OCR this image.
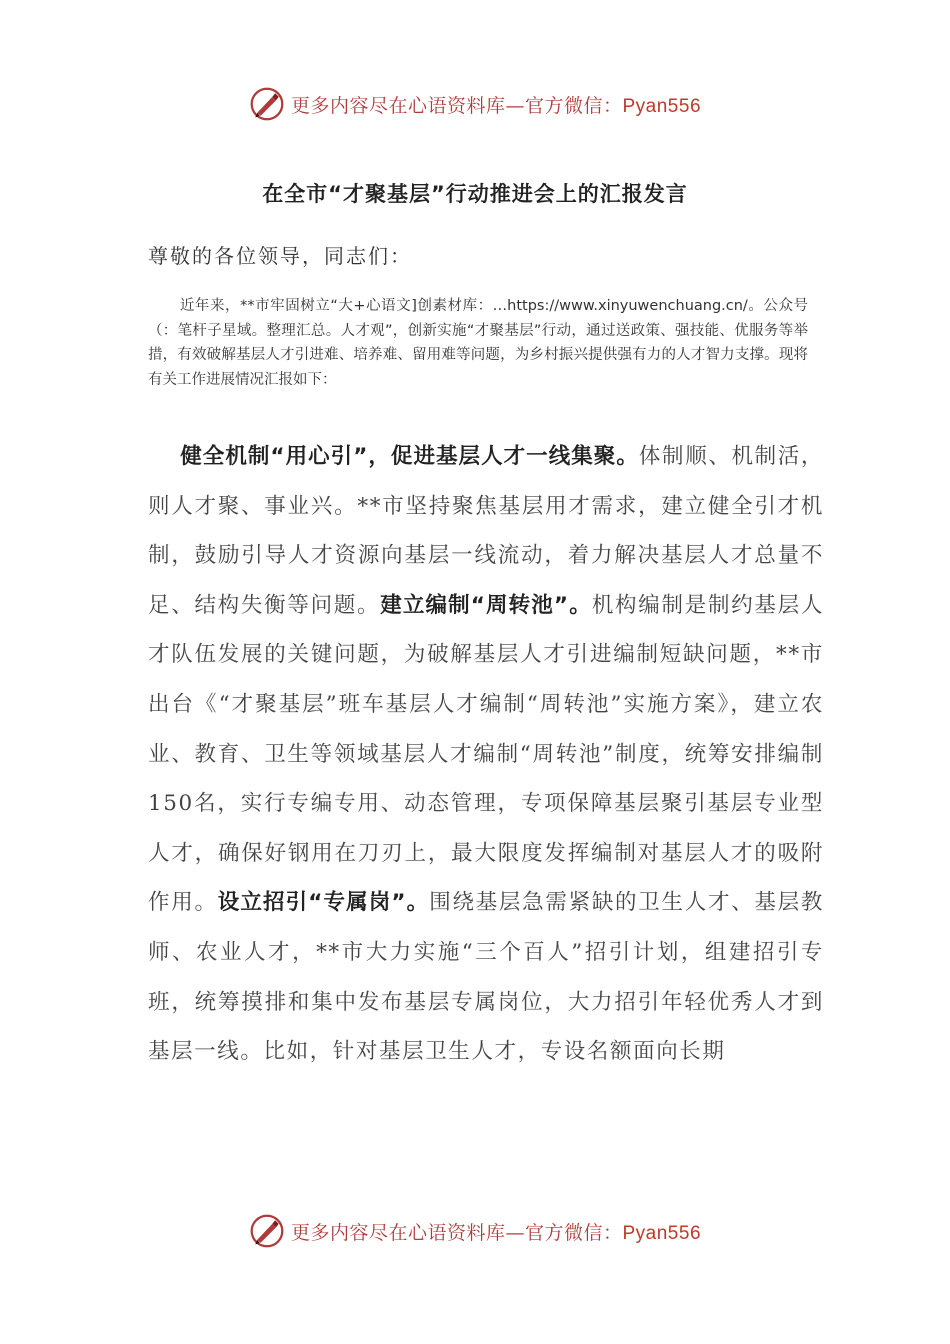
更多内容尽在心语资料库—官方微信：Pyan556
在全市“才聚基层”行动推进会上的汇报发言
尊敬的各位领导，同志们：
近年来，**市牢固树立“大+心语文]创素材库：…https://www.xinyuwenchuang.cn/。公众号（：笔杆子星域。整理汇总。人才观”，创新实施“才聚基层”行动，通过送政策、强技能、优服务等举措，有效破解基层人才引进难、培养难、留用难等问题，为乡村振兴提供强有力的人才智力支撑。现将有关工作进展情况汇报如下：
健全机制“用心引”，促进基层人才一线集聚。体制顺、机制活，则人才聚、事业兴。**市坚持聚焦基层用才需求，建立健全引才机制，鼓励引导人才资源向基层一线流动，着力解决基层人才总量不足、结构失衡等问题。建立编制“周转池”。机构编制是制约基层人才队伍发展的关键问题，为破解基层人才引进编制短缺问题，**市出台《“才聚基层”班车基层人才编制“周转池”实施方案》，建立农业、教育、卫生等领域基层人才编制“周转池”制度，统筹安排编制150名，实行专编专用、动态管理，专项保障基层聚引基层专业型人才，确保好钢用在刀刃上，最大限度发挥编制对基层人才的吸附作用。设立招引“专属岗”。围绕基层急需紧缺的卫生人才、基层教师、农业人才，**市大力实施“三个百人”招引计划，组建招引专班，统筹摸排和集中发布基层专属岗位，大力招引年轻优秀人才到基层一线。比如，针对基层卫生人才，专设名额面向长期
更多内容尽在心语资料库—官方微信：Pyan556
